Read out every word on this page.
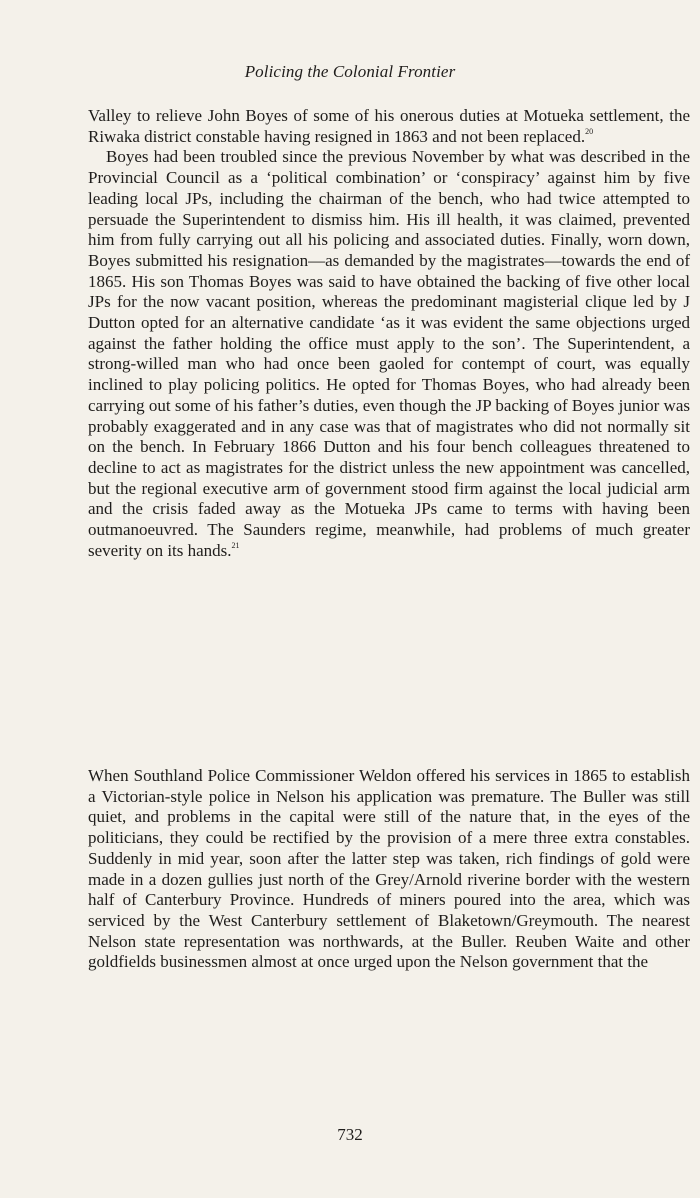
Policing the Colonial Frontier

Valley to relieve John Boyes of some of his onerous duties at Motueka settlement, the Riwaka district constable having resigned in 1863 and not been replaced.$^{20}$

Boyes had been troubled since the previous November by what was described in the Provincial Council as a ‘political combination’ or ‘conspiracy’ against him by five leading local JPs, including the chairman of the bench, who had twice attempted to persuade the Superintendent to dismiss him. His ill health, it was claimed, prevented him from fully carrying out all his policing and associated duties. Finally, worn down, Boyes submitted his resignation—as demanded by the magistrates—towards the end of 1865. His son Thomas Boyes was said to have obtained the backing of five other local JPs for the now vacant position, whereas the predominant magisterial clique led by J Dutton opted for an alternative candidate ‘as it was evident the same objections urged against the father holding the office must apply to the son’. The Superintendent, a strong-willed man who had once been gaoled for contempt of court, was equally inclined to play policing politics. He opted for Thomas Boyes, who had already been carrying out some of his father’s duties, even though the JP backing of Boyes junior was probably exaggerated and in any case was that of magistrates who did not normally sit on the bench. In February 1866 Dutton and his four bench colleagues threatened to decline to act as magistrates for the district unless the new appointment was cancelled, but the regional executive arm of government stood firm against the local judicial arm and the crisis faded away as the Motueka JPs came to terms with having been outmanoeuvred. The Saunders regime, meanwhile, had problems of much greater severity on its hands.$^{21}$

When Southland Police Commissioner Weldon offered his services in 1865 to establish a Victorian-style police in Nelson his application was premature. The Buller was still quiet, and problems in the capital were still of the nature that, in the eyes of the politicians, they could be rectified by the provision of a mere three extra constables. Suddenly in mid year, soon after the latter step was taken, rich findings of gold were made in a dozen gullies just north of the Grey/Arnold riverine border with the western half of Canterbury Province. Hundreds of miners poured into the area, which was serviced by the West Canterbury settlement of Blaketown/Greymouth. The nearest Nelson state representation was northwards, at the Buller. Reuben Waite and other goldfields businessmen almost at once urged upon the Nelson government that the

732
